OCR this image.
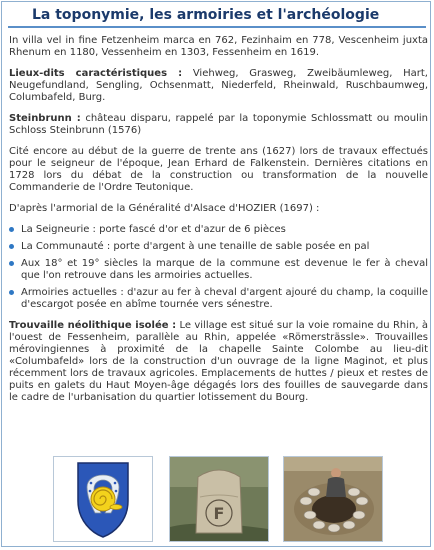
La toponymie, les armoiries et l'archéologie

In villa vel in fine Fetzenheim marca en 762, Fezinhaim en 778, Vescenheim juxta Rhenum en 1180, Vessenheim en 1303, Fessenheim en 1619.

Lieux-dits caractéristiques : Viehweg, Grasweg, Zweibäumleweg, Hart, Neugefundland, Sengling, Ochsenmatt, Niederfeld, Rheinwald, Ruschbaumweg, Columbafeld, Burg.

Steinbrunn : château disparu, rappelé par la toponymie Schlossmatt ou moulin Schloss Steinbrunn (1576)

Cité encore au début de la guerre de trente ans (1627) lors de travaux effectués pour le seigneur de l'époque, Jean Erhard de Falkenstein. Dernières citations en 1728 lors du débat de la construction ou transformation de la nouvelle Commanderie de l'Ordre Teutonique.

D'après l'armorial de la Généralité d'Alsace d'HOZIER (1697) :

La Seigneurie : porte fascé d'or et d'azur de 6 pièces
La Communauté : porte d'argent à une tenaille de sable posée en pal
Aux 18° et 19° siècles la marque de la commune est devenue le fer à cheval que l'on retrouve dans les armoiries actuelles.
Armoiries actuelles : d'azur au fer à cheval d'argent ajouré du champ, la coquille d'escargot posée en abîme tournée vers sénestre.

Trouvaille néolithique isolée : Le village est situé sur la voie romaine du Rhin, à l'ouest de Fessenheim, parallèle au Rhin, appelée «Römersträssle». Trouvailles mérovingiennes à proximité de la chapelle Sainte Colombe au lieu-dit «Columbafeld» lors de la construction d'un ouvrage de la ligne Maginot, et plus récemment lors de travaux agricoles. Emplacements de huttes / pieux et restes de puits en galets du Haut Moyen-âge dégagés lors des fouilles de sauvegarde dans le cadre de l'urbanisation du quartier lotissement du Bourg.

F
